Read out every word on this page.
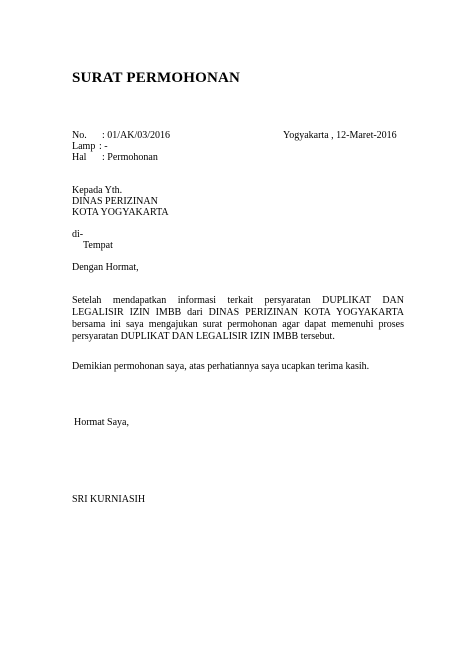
SURAT PERMOHONAN
No. : 01/AK/03/2016	Yogyakarta , 12-Maret-2016
Lamp : -
Hal : Permohonan
Kepada Yth.
DINAS PERIZINAN
KOTA YOGYAKARTA
di-
Tempat
Dengan Hormat,
Setelah mendapatkan informasi terkait persyaratan DUPLIKAT DAN LEGALISIR IZIN IMBB dari DINAS PERIZINAN KOTA YOGYAKARTA bersama ini saya mengajukan surat permohonan agar dapat memenuhi proses persyaratan DUPLIKAT DAN LEGALISIR IZIN IMBB tersebut.
Demikian permohonan saya, atas perhatiannya saya ucapkan terima kasih.
Hormat Saya,
SRI KURNIASIH
